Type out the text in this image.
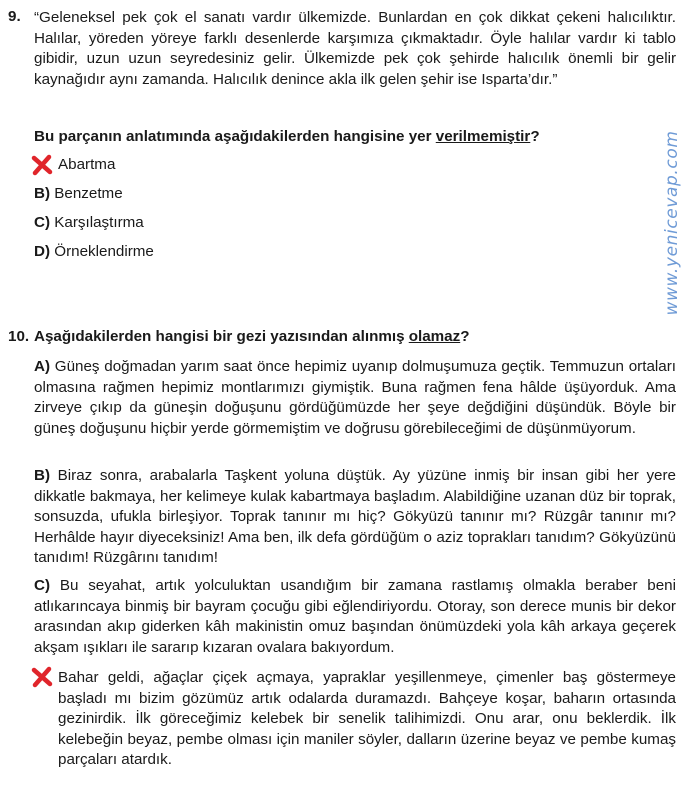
9. “Geleneksel pek çok el sanatı vardır ülkemizde. Bunlardan en çok dikkat çekeni halıcılıktır. Halılar, yöreden yöreye farklı desenlerde karşımıza çıkmaktadır. Öyle halılar vardır ki tablo gibidir, uzun uzun seyredesiniz gelir. Ülkemizde pek çok şehirde halıcılık önemli bir gelir kaynağıdır aynı zamanda. Halıcılık denince akla ilk gelen şehir ise Isparta’dır.”
Bu parçanın anlatımında aşağıdakilerden hangisine yer verilmemiştir?
Abartma
B) Benzetme
C) Karşılaştırma
D) Örneklendirme	www.yenicevap.com
10. Aşağıdakilerden hangisi bir gezi yazısından alınmış olamaz?
A) Güneş doğmadan yarım saat önce hepimiz uyanıp dolmuşumuza geçtik. Temmuzun ortaları olmasına rağmen hepimiz montlarımızı giymiştik. Buna rağmen fena hâlde üşüyorduk. Ama zirveye çıkıp da güneşin doğuşunu gördüğümüzde her şeye değdiğini düşündük. Böyle bir güneş doğuşunu hiçbir yerde görmemiştim ve doğrusu görebileceğimi de düşünmüyorum.
B) Biraz sonra, arabalarla Taşkent yoluna düştük. Ay yüzüne inmiş bir insan gibi her yere dikkatle bakmaya, her kelimeye kulak kabartmaya başladım. Alabildiğine uzanan düz bir toprak, sonsuzda, ufukla birleşiyor. Toprak tanınır mı hiç? Gökyüzü tanınır mı? Rüzgâr tanınır mı? Herhâlde hayır diyeceksiniz! Ama ben, ilk defa gördüğüm o aziz toprakları tanıdım? Gökyüzünü tanıdım! Rüzgârını tanıdım!
C) Bu seyahat, artık yolculuktan usandığım bir zamana rastlamış olmakla beraber beni atlıkarıncaya binmiş bir bayram çocuğu gibi eğlendiriyordu. Otoray, son derece munis bir dekor arasından akıp giderken kâh makinistin omuz başından önümüzdeki yola kâh arkaya geçerek akşam ışıkları ile sararıp kızaran ovalara bakıyordum.
Bahar geldi, ağaçlar çiçek açmaya, yapraklar yeşillenmeye, çimenler baş göstermeye başladı mı bizim gözümüz artık odalarda duramazdı. Bahçeye koşar, baharın ortasında gezinirdik. İlk göreceğimiz kelebek bir senelik talihimizdi. Onu arar, onu beklerdik. İlk kelebeğin beyaz, pembe olması için maniler söyler, dalların üzerine beyaz ve pembe kumaş parçaları atardık.
